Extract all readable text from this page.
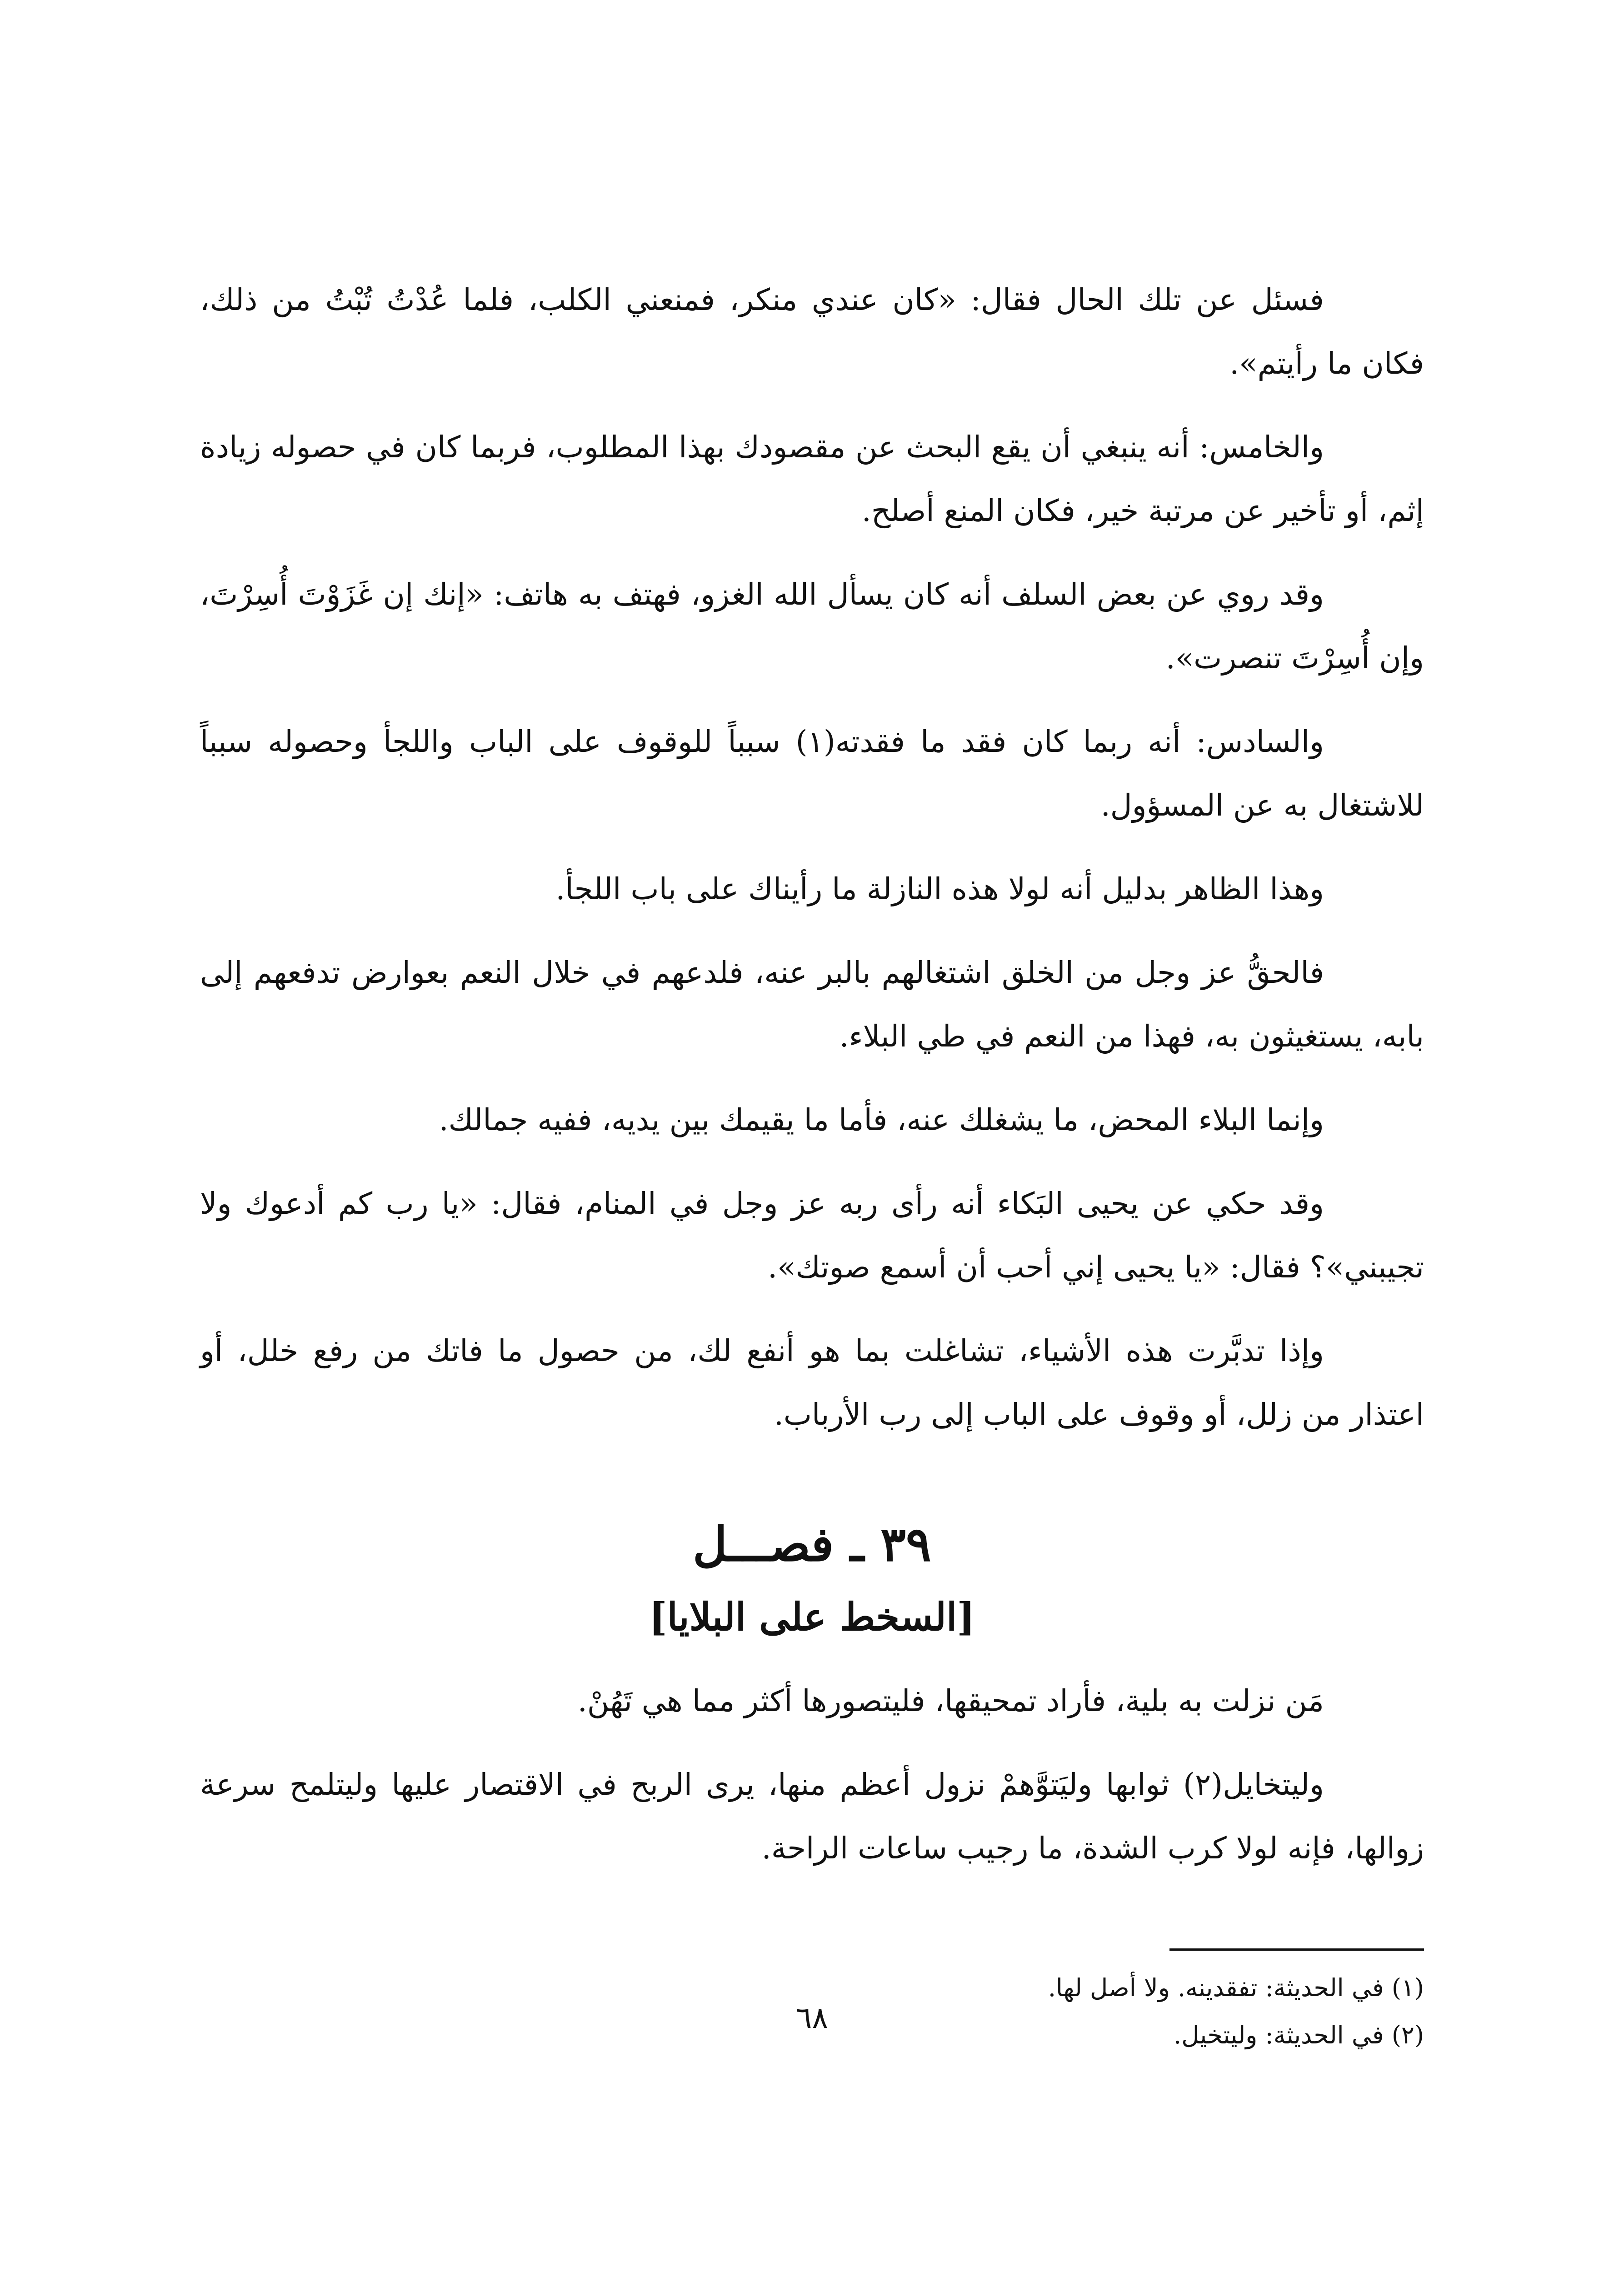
فسئل عن تلك الحال فقال: «كان عندي منكر، فمنعني الكلب، فلما عُدْتُ تُبْتُ من ذلك، فكان ما رأيتم».

والخامس: أنه ينبغي أن يقع البحث عن مقصودك بهذا المطلوب، فربما كان في حصوله زيادة إثم، أو تأخير عن مرتبة خير، فكان المنع أصلح.

وقد روي عن بعض السلف أنه كان يسأل الله الغزو، فهتف به هاتف: «إنك إن غَزَوْتَ أُسِرْتَ، وإن أُسِرْتَ تنصرت».

والسادس: أنه ربما كان فقد ما فقدته(١) سبباً للوقوف على الباب واللجأ وحصوله سبباً للاشتغال به عن المسؤول.

وهذا الظاهر بدليل أنه لولا هذه النازلة ما رأيناك على باب اللجأ.

فالحقُّ عز وجل من الخلق اشتغالهم بالبر عنه، فلدعهم في خلال النعم بعوارض تدفعهم إلى بابه، يستغيثون به، فهذا من النعم في طي البلاء.

وإنما البلاء المحض، ما يشغلك عنه، فأما ما يقيمك بين يديه، ففيه جمالك.

وقد حكي عن يحيى البَكاء أنه رأى ربه عز وجل في المنام، فقال: «يا رب كم أدعوك ولا تجيبني»؟ فقال: «يا يحيى إني أحب أن أسمع صوتك».

وإذا تدبَّرت هذه الأشياء، تشاغلت بما هو أنفع لك، من حصول ما فاتك من رفع خلل، أو اعتذار من زلل، أو وقوف على الباب إلى رب الأرباب.

٣٩ ـ فصـــل
[السخط على البلايا]

مَن نزلت به بلية، فأراد تمحيقها، فليتصورها أكثر مما هي تَهُنْ.

وليتخايل(٢) ثوابها وليَتوَّهمْ نزول أعظم منها، يرى الربح في الاقتصار عليها وليتلمح سرعة زوالها، فإنه لولا كرب الشدة، ما رجيب ساعات الراحة.

(١) في الحديثة: تفقدينه. ولا أصل لها.

(٢) في الحديثة: وليتخيل.

٦٨
